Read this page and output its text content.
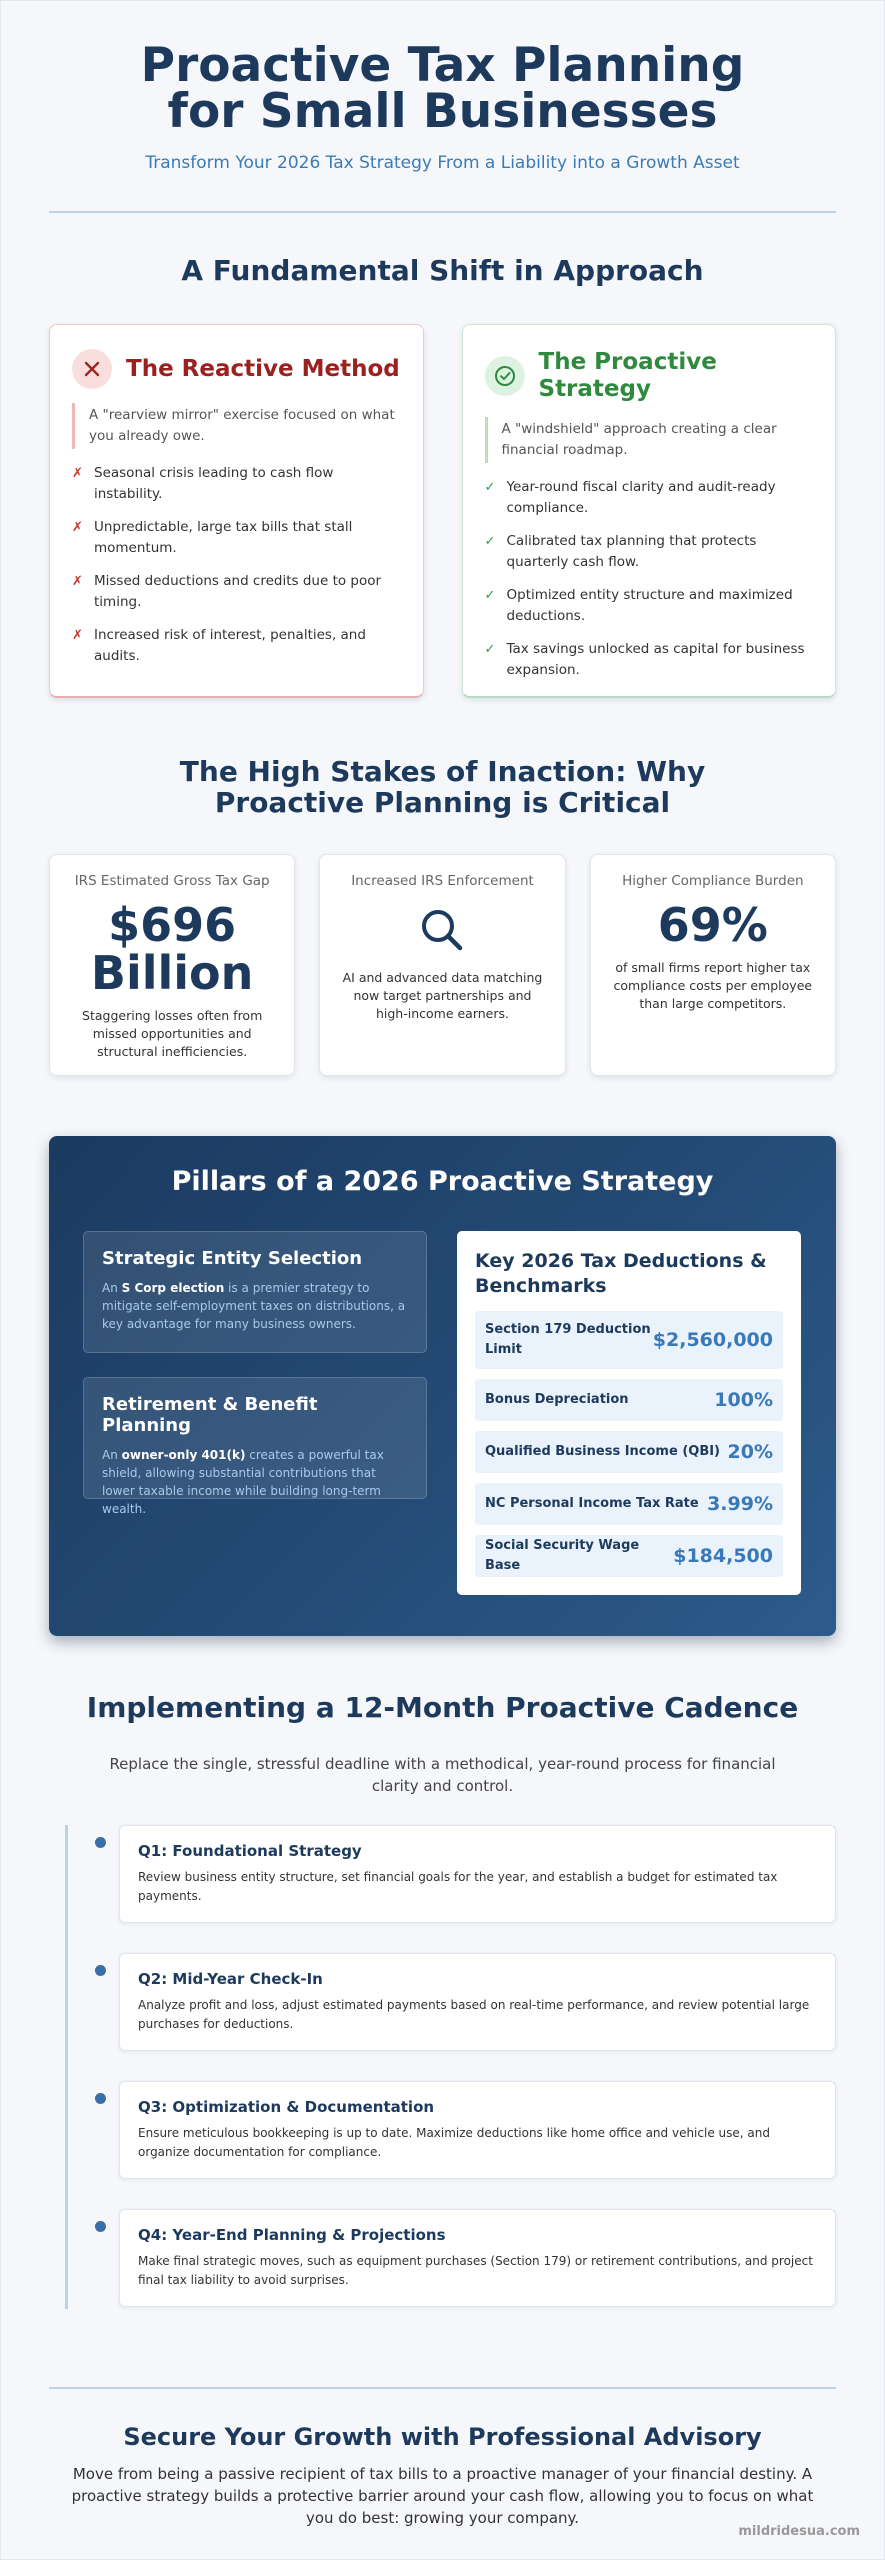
Proactive Tax Planning for Small Businesses
Transform Your 2026 Tax Strategy From a Liability into a Growth Asset
A Fundamental Shift in Approach
The Reactive Method
A "rearview mirror" exercise focused on what you already owe.
✗ Seasonal crisis leading to cash flow instability.
✗ Unpredictable, large tax bills that stall momentum.
✗ Missed deductions and credits due to poor timing.
✗ Increased risk of interest, penalties, and audits.
The Proactive Strategy
A "windshield" approach creating a clear financial roadmap.
✓ Year-round fiscal clarity and audit-ready compliance.
✓ Calibrated tax planning that protects quarterly cash flow.
✓ Optimized entity structure and maximized deductions.
✓ Tax savings unlocked as capital for business expansion.
The High Stakes of Inaction: Why Proactive Planning is Critical
IRS Estimated Gross Tax Gap
$696 Billion
Staggering losses often from missed opportunities and structural inefficiencies.
Increased IRS Enforcement
AI and advanced data matching now target partnerships and high-income earners.
Higher Compliance Burden
69%
of small firms report higher tax compliance costs per employee than large competitors.
Pillars of a 2026 Proactive Strategy
Strategic Entity Selection

An S Corp election is a premier strategy to mitigate self-employment taxes on distributions, a key advantage for many business owners.

Retirement & Benefit Planning

An owner-only 401(k) creates a powerful tax shield, allowing substantial contributions that lower taxable income while building long-term wealth.

Key 2026 Tax Deductions & Benchmarks
Section 179 Deduction Limit	$2,560,000
Bonus Depreciation	100%
Qualified Business Income (QBI) 20%
NC Personal Income Tax Rate 3.99%
Social Security Wage Base	$184,500
Implementing a 12-Month Proactive Cadence

Replace the single, stressful deadline with a methodical, year-round process for financial clarity and control.

Q1: Foundational Strategy

Review business entity structure, set financial goals for the year, and establish a budget for estimated tax payments.

Q2: Mid-Year Check-In

Analyze profit and loss, adjust estimated payments based on real-time performance, and review potential large purchases for deductions.

Q3: Optimization & Documentation

Ensure meticulous bookkeeping is up to date. Maximize deductions like home office and vehicle use, and organize documentation for compliance.

Q4: Year-End Planning & Projections

Make final strategic moves, such as equipment purchases (Section 179) or retirement contributions, and project final tax liability to avoid surprises.

Secure Your Growth with Professional Advisory

Move from being a passive recipient of tax bills to a proactive manager of your financial destiny. A proactive strategy builds a protective barrier around your cash flow, allowing you to focus on what you do best: growing your company.

mildridesua.com
